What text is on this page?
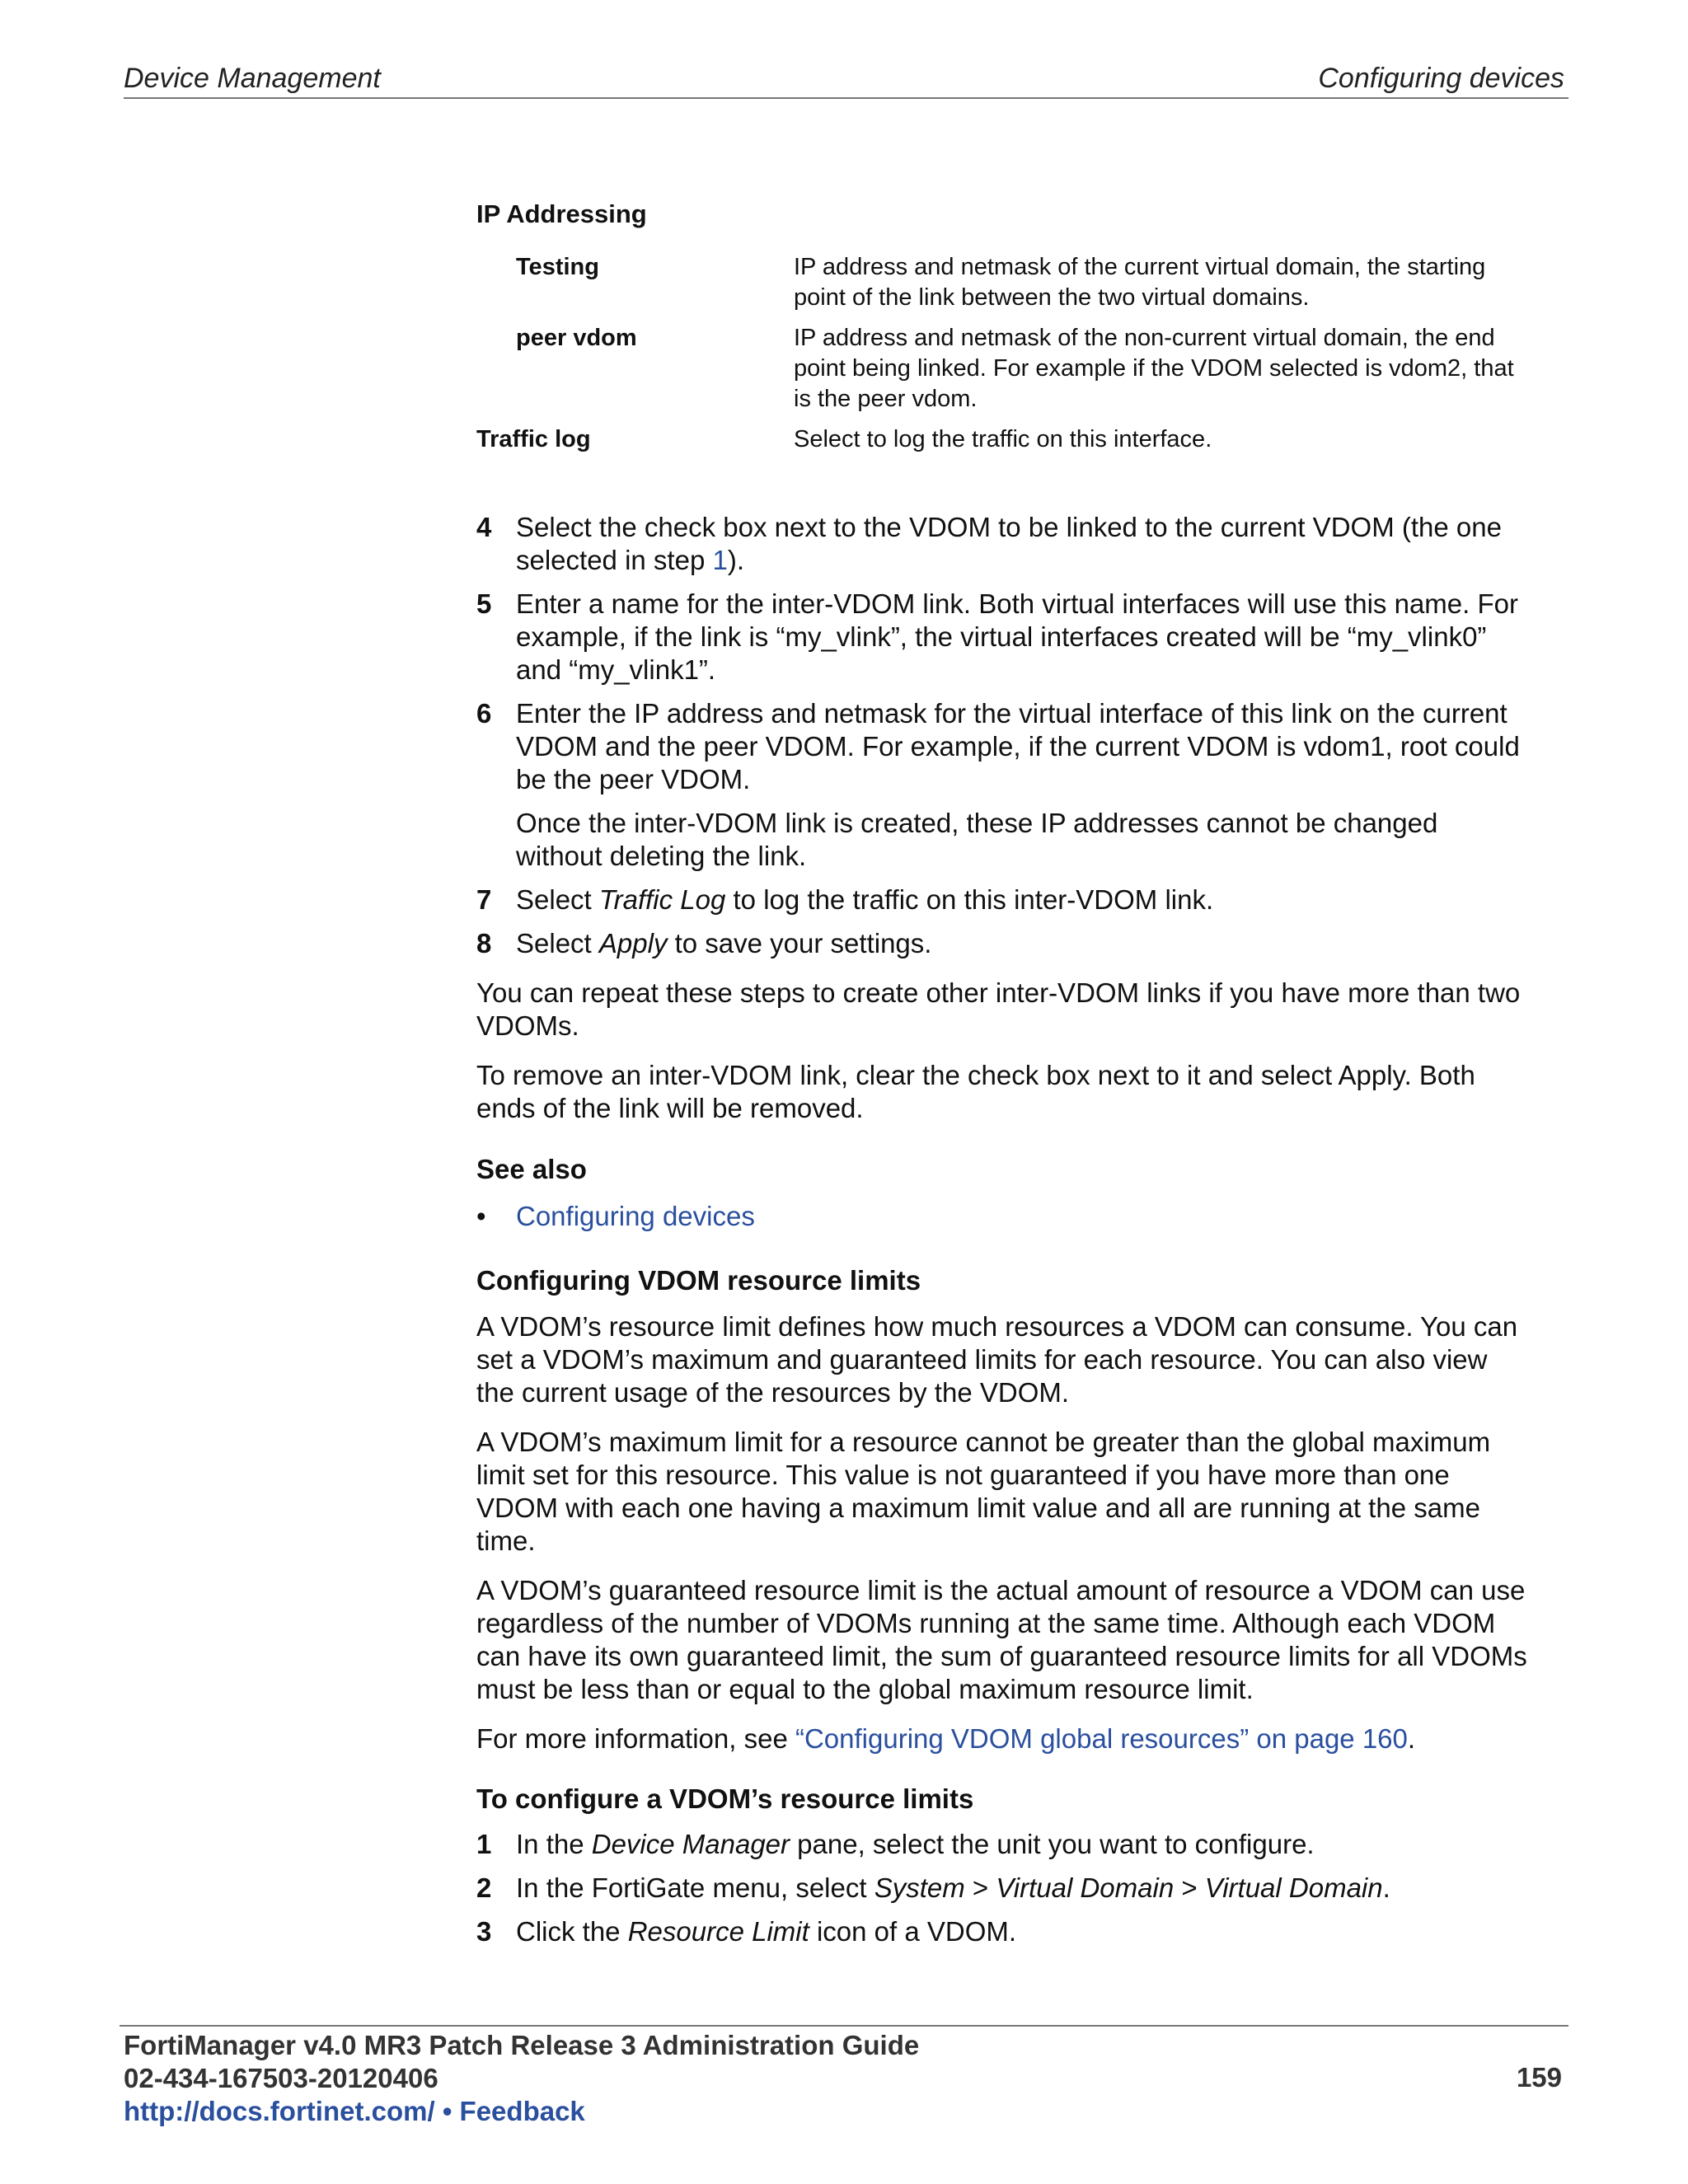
Device Management	Configuring devices
IP Addressing
Testing	IP address and netmask of the current virtual domain, the starting
point of the link between the two virtual domains.
peer vdom	IP address and netmask of the non-current virtual domain, the end
point being linked. For example if the VDOM selected is vdom2, that
is the peer vdom.
Traffic log	Select to log the traffic on this interface.
4 Select the check box next to the VDOM to be linked to the current VDOM (the one
selected in step 1).
5 Enter a name for the inter-VDOM link. Both virtual interfaces will use this name. For
example, if the link is “my_vlink”, the virtual interfaces created will be “my_vlink0”
and “my_vlink1”.
6 Enter the IP address and netmask for the virtual interface of this link on the current
VDOM and the peer VDOM. For example, if the current VDOM is vdom1, root could
be the peer VDOM.
Once the inter-VDOM link is created, these IP addresses cannot be changed
without deleting the link.
7 Select Traffic Log to log the traffic on this inter-VDOM link.
8 Select Apply to save your settings.
You can repeat these steps to create other inter-VDOM links if you have more than two
VDOMs.
To remove an inter-VDOM link, clear the check box next to it and select Apply. Both
ends of the link will be removed.
See also
•	Configuring devices
Configuring VDOM resource limits
A VDOM’s resource limit defines how much resources a VDOM can consume. You can
set a VDOM’s maximum and guaranteed limits for each resource. You can also view
the current usage of the resources by the VDOM.
A VDOM’s maximum limit for a resource cannot be greater than the global maximum
limit set for this resource. This value is not guaranteed if you have more than one
VDOM with each one having a maximum limit value and all are running at the same
time.
A VDOM’s guaranteed resource limit is the actual amount of resource a VDOM can use
regardless of the number of VDOMs running at the same time. Although each VDOM
can have its own guaranteed limit, the sum of guaranteed resource limits for all VDOMs
must be less than or equal to the global maximum resource limit.
For more information, see “Configuring VDOM global resources” on page 160.
To configure a VDOM’s resource limits
1 In the Device Manager pane, select the unit you want to configure.
2 In the FortiGate menu, select System > Virtual Domain > Virtual Domain.
3 Click the Resource Limit icon of a VDOM.
FortiManager v4.0 MR3 Patch Release 3 Administration Guide
02-434-167503-20120406
http://docs.fortinet.com/ • Feedback
159
